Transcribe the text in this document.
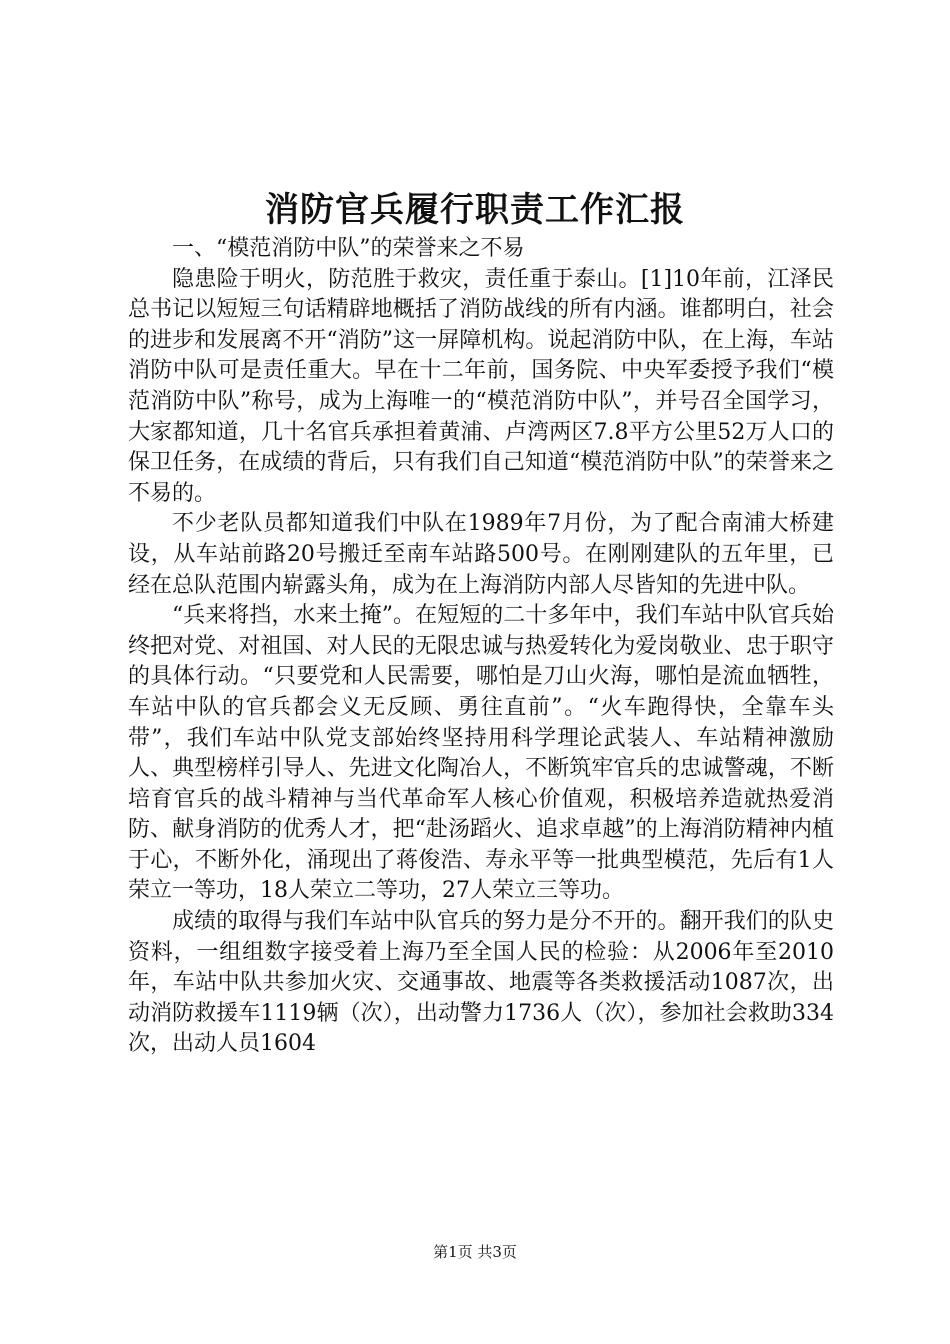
消防官兵履行职责工作汇报

一、“模范消防中队”的荣誉来之不易

隐患险于明火，防范胜于救灾，责任重于泰山。[1]10年前，江泽民总书记以短短三句话精辟地概括了消防战线的所有内涵。谁都明白，社会的进步和发展离不开“消防”这一屏障机构。说起消防中队，在上海，车站消防中队可是责任重大。早在十二年前，国务院、中央军委授予我们“模范消防中队”称号，成为上海唯一的“模范消防中队”，并号召全国学习，大家都知道，几十名官兵承担着黄浦、卢湾两区7.8平方公里52万人口的保卫任务，在成绩的背后，只有我们自己知道“模范消防中队”的荣誉来之不易的。

不少老队员都知道我们中队在1989年7月份，为了配合南浦大桥建设，从车站前路20号搬迁至南车站路500号。在刚刚建队的五年里，已经在总队范围内崭露头角，成为在上海消防内部人尽皆知的先进中队。

“兵来将挡，水来土掩”。在短短的二十多年中，我们车站中队官兵始终把对党、对祖国、对人民的无限忠诚与热爱转化为爱岗敬业、忠于职守的具体行动。“只要党和人民需要，哪怕是刀山火海，哪怕是流血牺牲，车站中队的官兵都会义无反顾、勇往直前”。“火车跑得快，全靠车头带”，我们车站中队党支部始终坚持用科学理论武装人、车站精神激励人、典型榜样引导人、先进文化陶冶人，不断筑牢官兵的忠诚警魂，不断培育官兵的战斗精神与当代革命军人核心价值观，积极培养造就热爱消防、献身消防的优秀人才，把“赴汤蹈火、追求卓越”的上海消防精神内植于心，不断外化，涌现出了蒋俊浩、寿永平等一批典型模范，先后有1人荣立一等功，18人荣立二等功，27人荣立三等功。

成绩的取得与我们车站中队官兵的努力是分不开的。翻开我们的队史资料，一组组数字接受着上海乃至全国人民的检验：从2006年至2010年，车站中队共参加火灾、交通事故、地震等各类救援活动1087次，出动消防救援车1119辆（次），出动警力1736人（次），参加社会救助334次，出动人员1604

第1页 共3页
